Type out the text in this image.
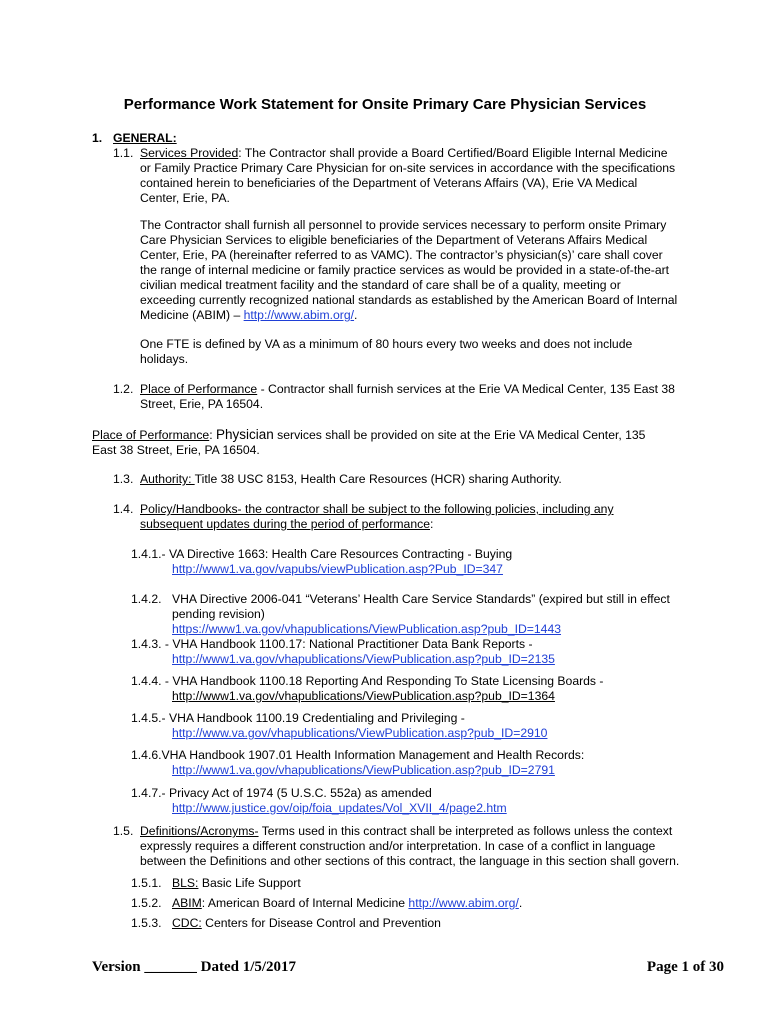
Performance Work Statement for Onsite Primary Care Physician Services
1. GENERAL:
1.1. Services Provided: The Contractor shall provide a Board Certified/Board Eligible Internal Medicine
or Family Practice Primary Care Physician for on-site services in accordance with the specifications
contained herein to beneficiaries of the Department of Veterans Affairs (VA), Erie VA Medical
Center, Erie, PA.
The Contractor shall furnish all personnel to provide services necessary to perform onsite Primary
Care Physician Services to eligible beneficiaries of the Department of Veterans Affairs Medical
Center, Erie, PA (hereinafter referred to as VAMC). The contractor’s physician(s)’ care shall cover
the range of internal medicine or family practice services as would be provided in a state-of-the-art
civilian medical treatment facility and the standard of care shall be of a quality, meeting or
exceeding currently recognized national standards as established by the American Board of Internal
Medicine (ABIM) – http://www.abim.org/.
One FTE is defined by VA as a minimum of 80 hours every two weeks and does not include
holidays.
1.2. Place of Performance - Contractor shall furnish services at the Erie VA Medical Center, 135 East 38
Street, Erie, PA 16504.
Place of Performance: Physician services shall be provided on site at the Erie VA Medical Center, 135
East 38 Street, Erie, PA 16504.
1.3. Authority: Title 38 USC 8153, Health Care Resources (HCR) sharing Authority.
1.4. Policy/Handbooks- the contractor shall be subject to the following policies, including any
subsequent updates during the period of performance:
1.4.1.- VA Directive 1663: Health Care Resources Contracting - Buying
http://www1.va.gov/vapubs/viewPublication.asp?Pub_ID=347
1.4.2. VHA Directive 2006-041 “Veterans’ Health Care Service Standards” (expired but still in effect
pending revision)
https://www1.va.gov/vhapublications/ViewPublication.asp?pub_ID=1443
1.4.3. - VHA Handbook 1100.17: National Practitioner Data Bank Reports -
http://www1.va.gov/vhapublications/ViewPublication.asp?pub_ID=2135
1.4.4. - VHA Handbook 1100.18 Reporting And Responding To State Licensing Boards -
http://www1.va.gov/vhapublications/ViewPublication.asp?pub_ID=1364
1.4.5.- VHA Handbook 1100.19 Credentialing and Privileging -
http://www.va.gov/vhapublications/ViewPublication.asp?pub_ID=2910
1.4.6.VHA Handbook 1907.01 Health Information Management and Health Records:
http://www1.va.gov/vhapublications/ViewPublication.asp?pub_ID=2791
1.4.7.- Privacy Act of 1974 (5 U.S.C. 552a) as amended
http://www.justice.gov/oip/foia_updates/Vol_XVII_4/page2.htm
1.5. Definitions/Acronyms- Terms used in this contract shall be interpreted as follows unless the context
expressly requires a different construction and/or interpretation. In case of a conflict in language
between the Definitions and other sections of this contract, the language in this section shall govern.
1.5.1. BLS: Basic Life Support
1.5.2. ABIM: American Board of Internal Medicine http://www.abim.org/.
1.5.3. CDC: Centers for Disease Control and Prevention
Version _______ Dated 1/5/2017	Page 1 of 30
